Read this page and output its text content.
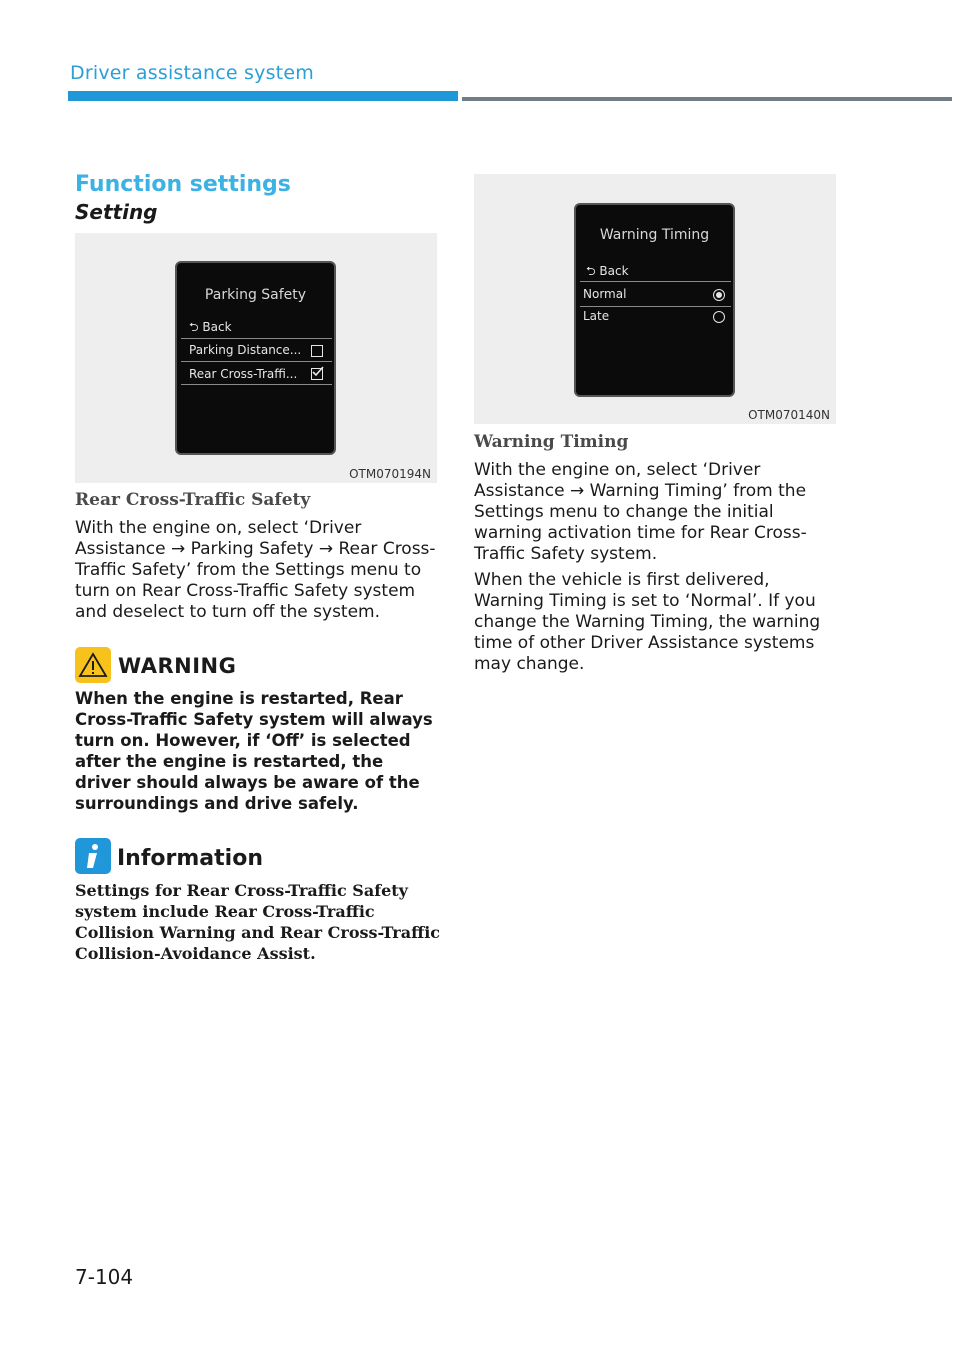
Driver assistance system
Function settings
Setting
Parking Safety
⮌ Back
Parking Distance...
Rear Cross-Traffi...
OTM070194N
Warning Timing
⮌ Back
Normal
Late
OTM070140N
Rear Cross-Traffic Safety
With the engine on, select ‘Driver
Assistance → Parking Safety → Rear Cross-
Traffic Safety’ from the Settings menu to
turn on Rear Cross-Traffic Safety system
and deselect to turn off the system.
WARNING
When the engine is restarted, Rear
Cross-Traffic Safety system will always
turn on. However, if ‘Off’ is selected
after the engine is restarted, the
driver should always be aware of the
surroundings and drive safely.
Information
Settings for Rear Cross-Traffic Safety
system include Rear Cross-Traffic
Collision Warning and Rear Cross-Traffic
Collision-Avoidance Assist.
Warning Timing
With the engine on, select ‘Driver
Assistance → Warning Timing’ from the
Settings menu to change the initial
warning activation time for Rear Cross-
Traffic Safety system.
When the vehicle is first delivered,
Warning Timing is set to ‘Normal’. If you
change the Warning Timing, the warning
time of other Driver Assistance systems
may change.
7-104
